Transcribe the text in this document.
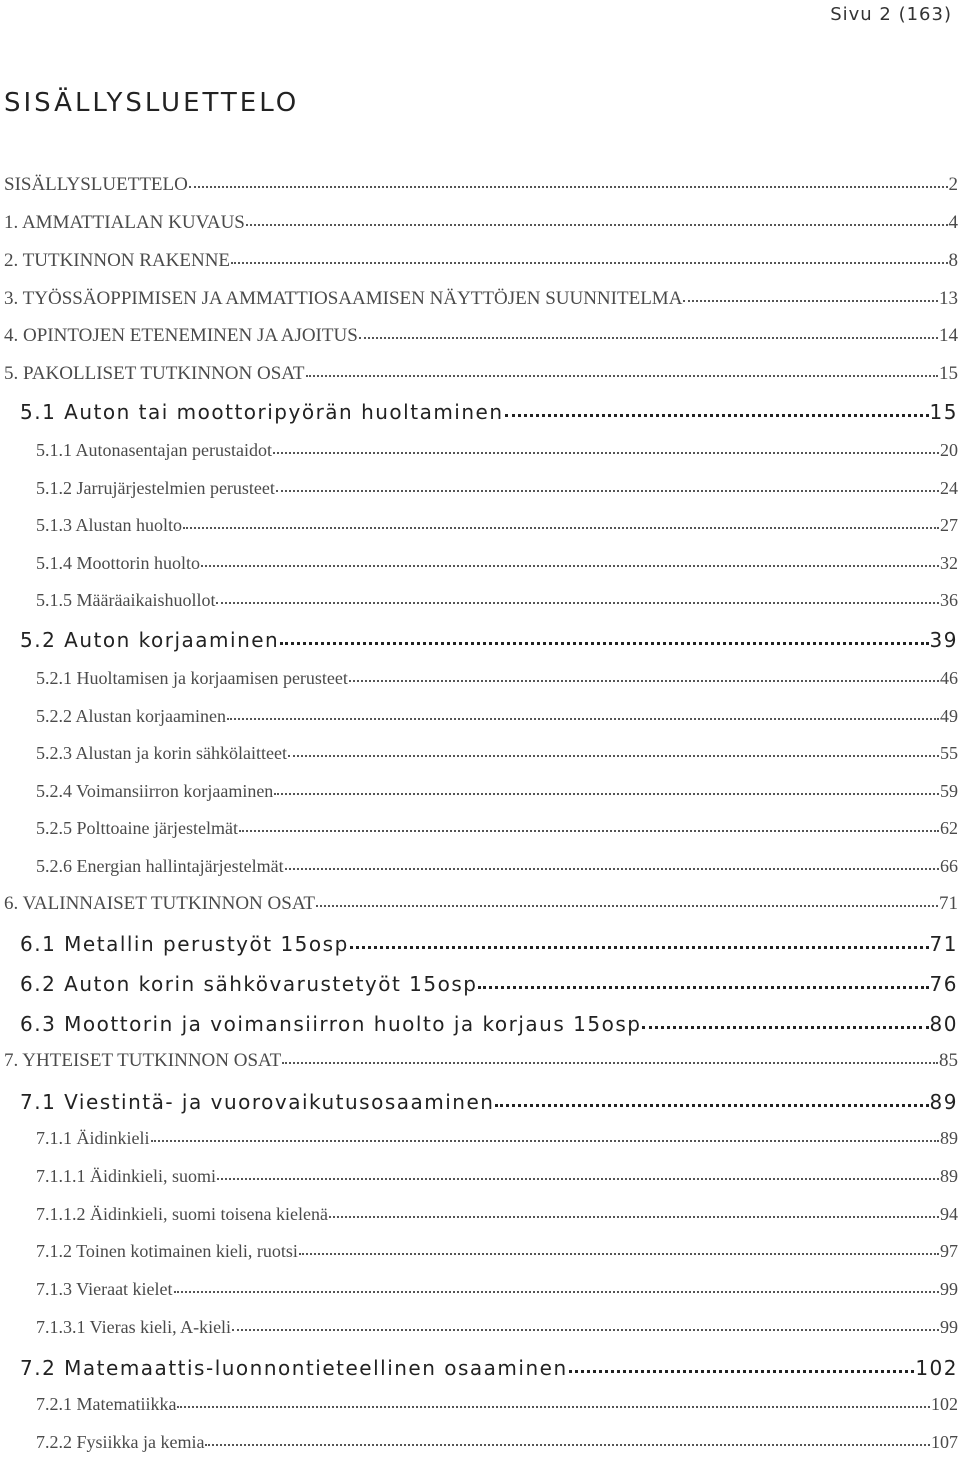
Sivu 2 (163)
SISÄLLYSLUETTELO
SISÄLLYSLUETTELO	2
1. AMMATTIALAN KUVAUS	4
2. TUTKINNON RAKENNE	8
3. TYÖSSÄOPPIMISEN JA AMMATTIOSAAMISEN NÄYTTÖJEN SUUNNITELMA	13
4. OPINTOJEN ETENEMINEN JA AJOITUS	14
5. PAKOLLISET TUTKINNON OSAT	15
5.1 Auton tai moottoripyörän huoltaminen	15
5.1.1 Autonasentajan perustaidot	20
5.1.2 Jarrujärjestelmien perusteet	24
5.1.3 Alustan huolto	27
5.1.4 Moottorin huolto	32
5.1.5 Määräaikaishuollot	36
5.2 Auton korjaaminen	39
5.2.1 Huoltamisen ja korjaamisen perusteet	46
5.2.2 Alustan korjaaminen	49
5.2.3 Alustan ja korin sähkölaitteet	55
5.2.4 Voimansiirron korjaaminen	59
5.2.5 Polttoaine järjestelmät	62
5.2.6 Energian hallintajärjestelmät	66
6. VALINNAISET TUTKINNON OSAT	71
6.1 Metallin perustyöt 15osp	71
6.2 Auton korin sähkövarustetyöt 15osp	76
6.3 Moottorin ja voimansiirron huolto ja korjaus 15osp	80
7. YHTEISET TUTKINNON OSAT	85
7.1 Viestintä- ja vuorovaikutusosaaminen	89
7.1.1 Äidinkieli	89
7.1.1.1 Äidinkieli, suomi	89
7.1.1.2 Äidinkieli, suomi toisena kielenä	94
7.1.2 Toinen kotimainen kieli, ruotsi	97
7.1.3 Vieraat kielet	99
7.1.3.1 Vieras kieli, A-kieli	99
7.2 Matemaattis-luonnontieteellinen osaaminen	102
7.2.1 Matematiikka	102
7.2.2 Fysiikka ja kemia	107
